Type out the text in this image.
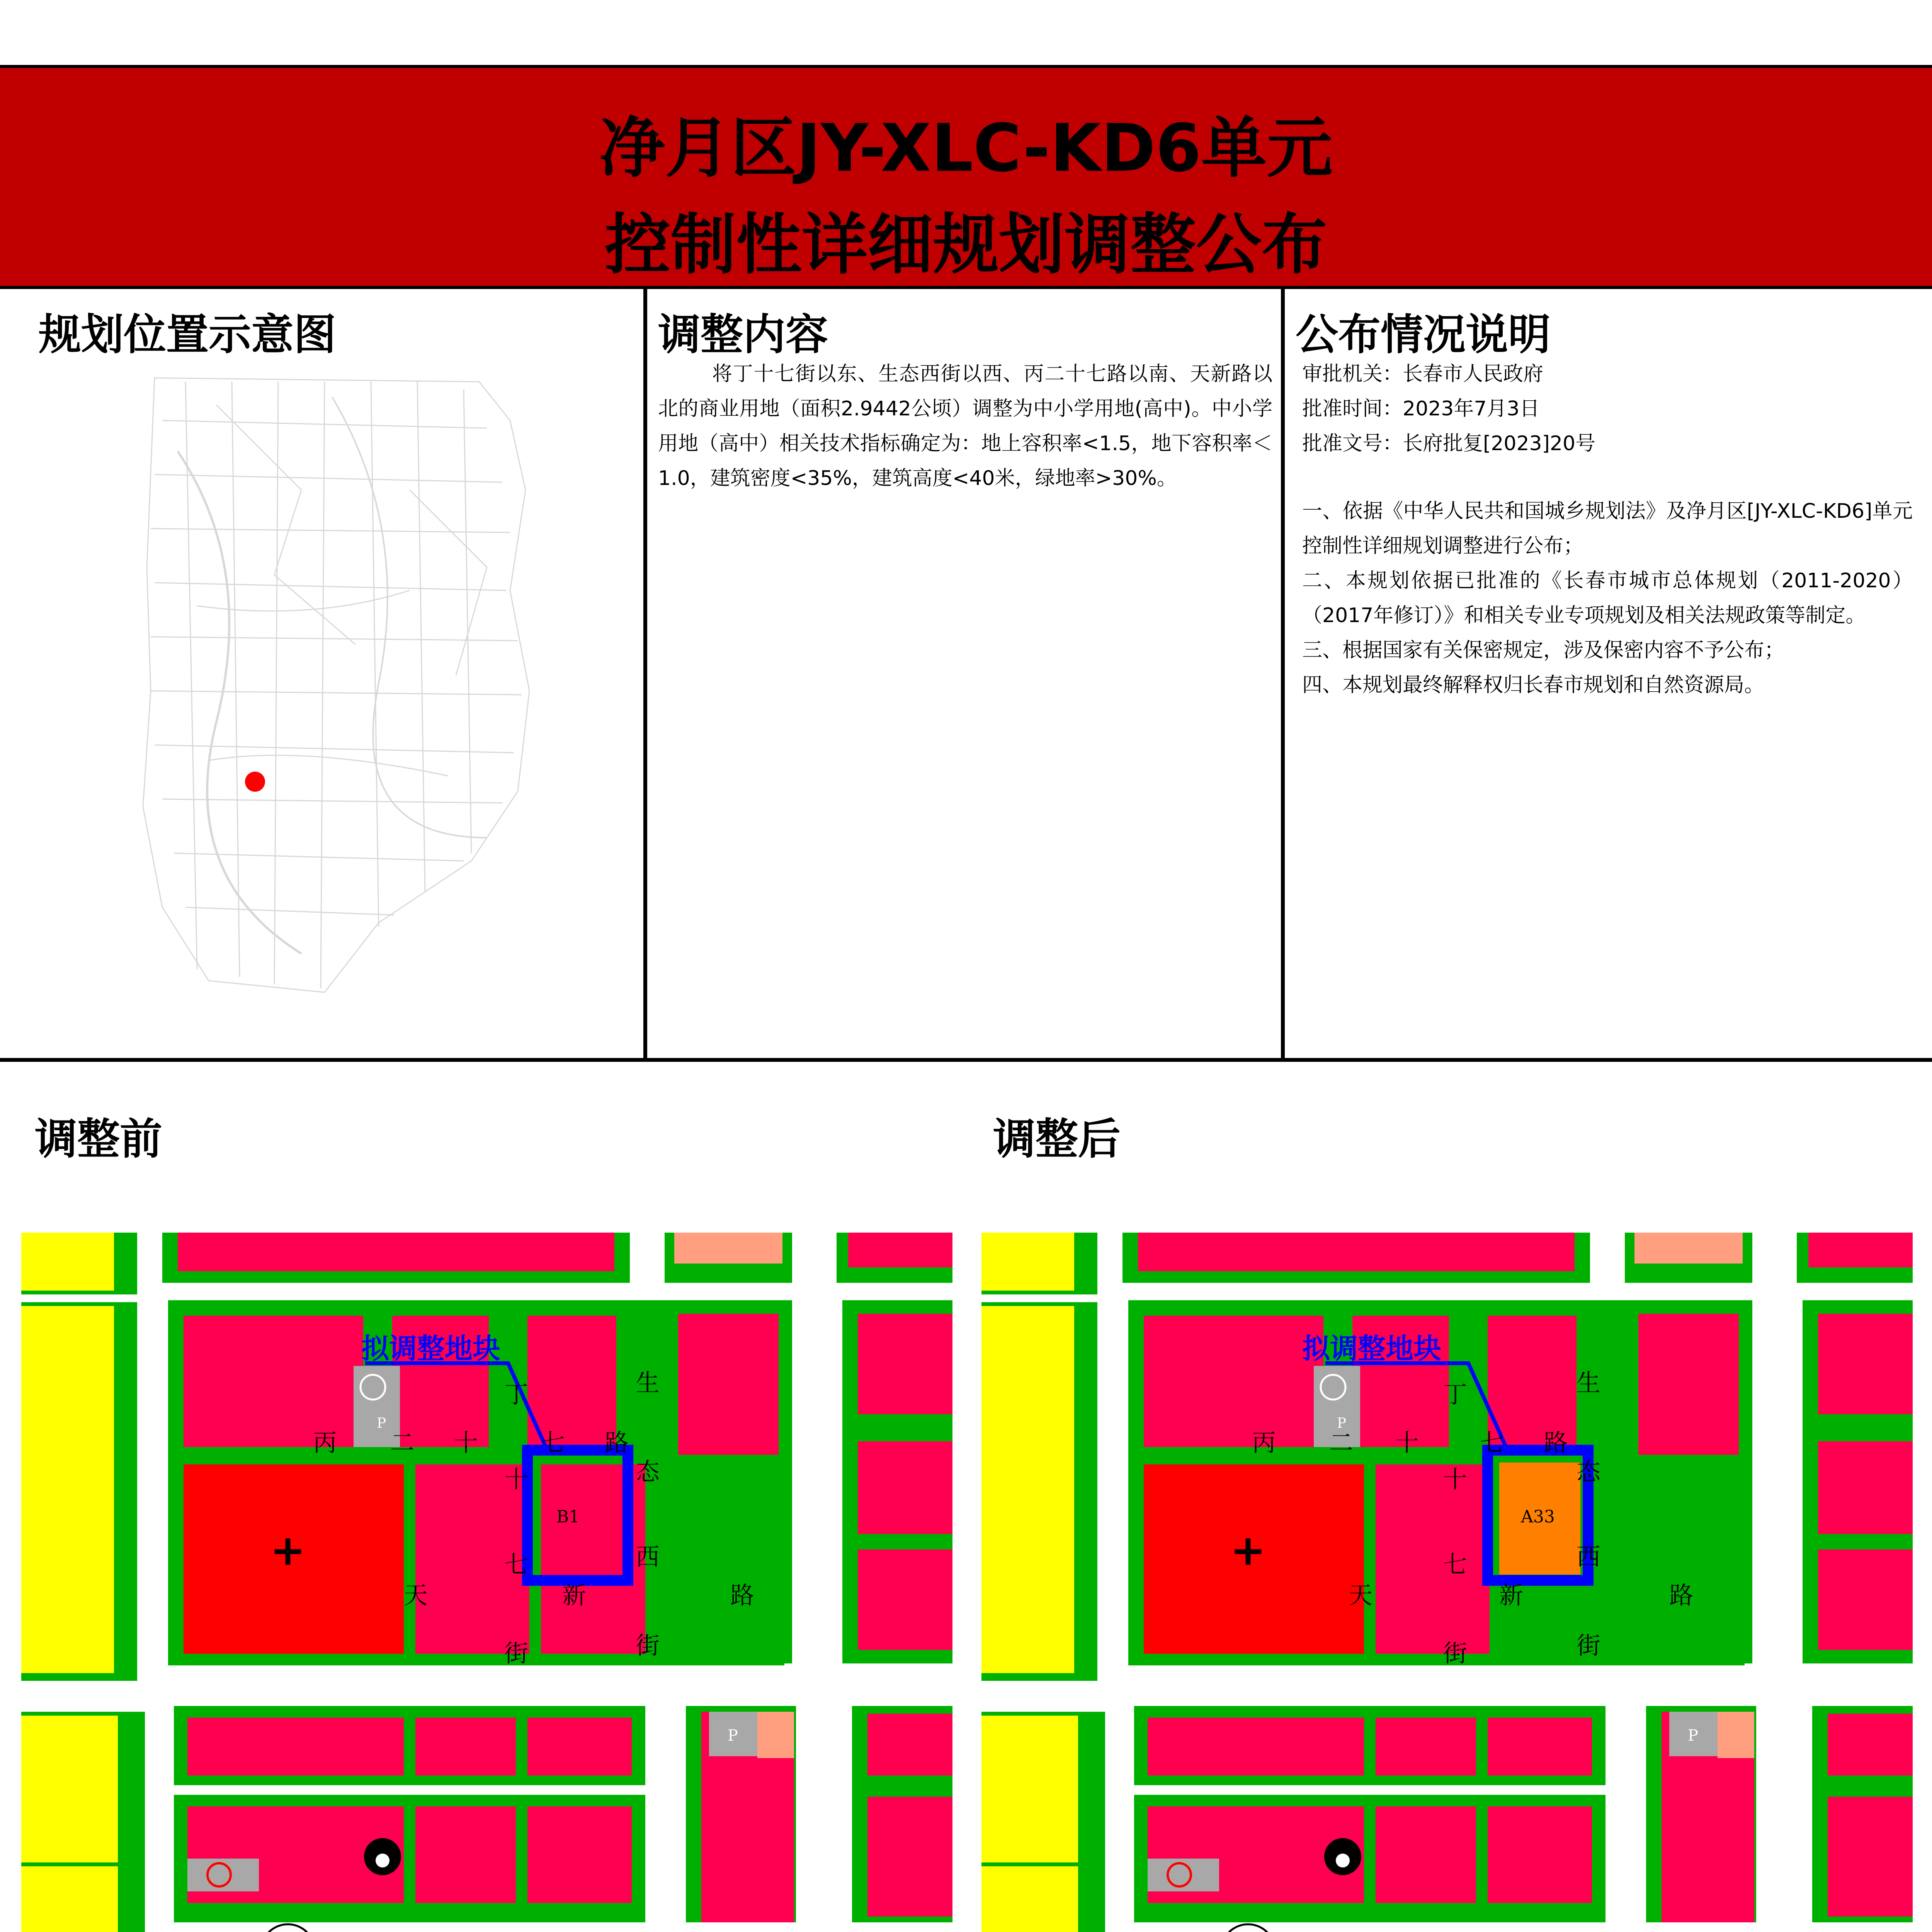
净月区JY-XLC-KD6单元
控制性详细规划调整公布
规划位置示意图	调整内容
将丁十七街以东、生态西街以西、丙二十七路以南、天新路以北的商业用地（面积2.9442公顷）调整为中小学用地(高中)。中小学用地（高中）相关技术指标确定为：地上容积率<1.5，地下容积率＜1.0，建筑密度<35%，建筑高度<40米，绿地率>30%。
公布情况说明
审批机关：长春市人民政府
批准时间：2023年7月3日
批准文号：长府批复[2023]20号
一、依据《中华人民共和国城乡规划法》及净月区[JY-XLC-KD6]单元控制性详细规划调整进行公布；
二、本规划依据已批准的《长春市城市总体规划（2011-2020）（2017年修订）》和相关专业专项规划及相关法规政策等制定。
三、根据国家有关保密规定，涉及保密内容不予公布；
四、本规划最终解释权归长春市规划和自然资源局。
调整前	调整后
P
+
P
拟调整地块
B1
丙 二 十	七 路
丁
十
七
街
生
态
西
街
天	新	路
P
+
P
拟调整地块
A33
丙 二 十	七 路
丁
十
七
街
生
态
西
街
天	新	路
